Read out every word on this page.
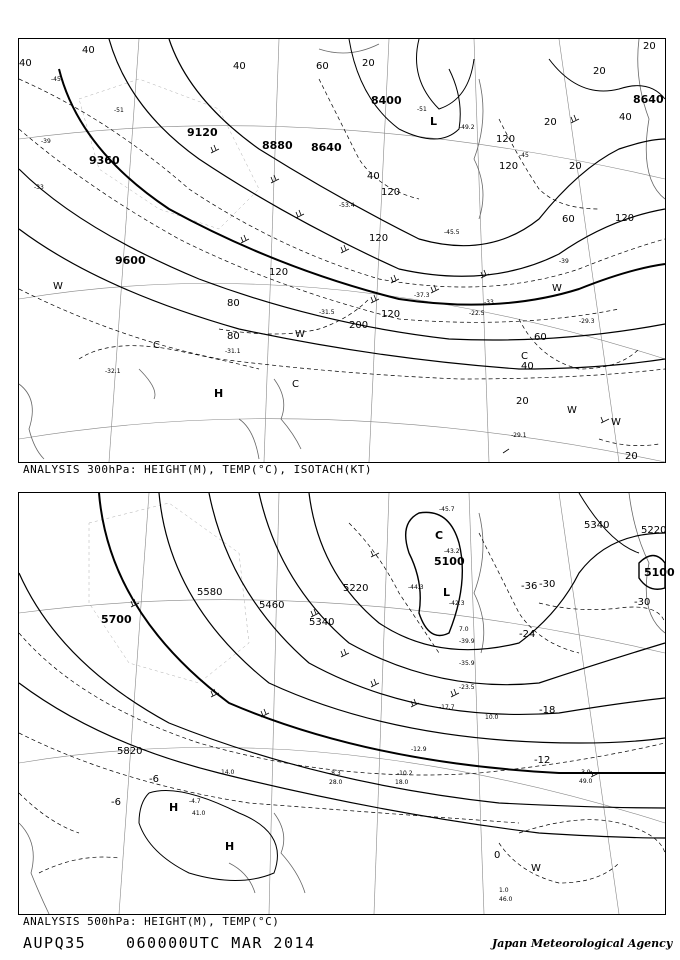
8400
8640
8880
9120
9360
9600
8640
40
20
40	60
20
120
80
60
120
120
200
40
20
40
60
120
120
20
20
120
120
80
40
40
20
20
-45
-51
-39
-33
-51
-45
-39
-33
-31.1
-32.1
-29.1
-29.3
-22.5
-31.5
-37.3
-45.5
-53.4
-49.2
L
H
W
C
W
C
W
W
C
W
ANALYSIS 300hPa: HEIGHT(M), TEMP(°C), ISOTACH(KT)
5100
5220
5340
5460
5580
5700
5820
5100
5220
5340
-36 -30
-24
-18
-12
-6
-6
-30
0
-45.7
-43.2
-44.3
-42.3
-39.9
-35.9
-23.5
-17.7
-12.9
-10.2
-8.3
-4.7
-3.9
1.0
46.0
49.0
18.0
28.0
14.0
41.0
10.0
7.0
C
L
H
H
W
ANALYSIS 500hPa: HEIGHT(M), TEMP(°C)
AUPQ35	060000UTC MAR 2014	Japan Meteorological Agency
